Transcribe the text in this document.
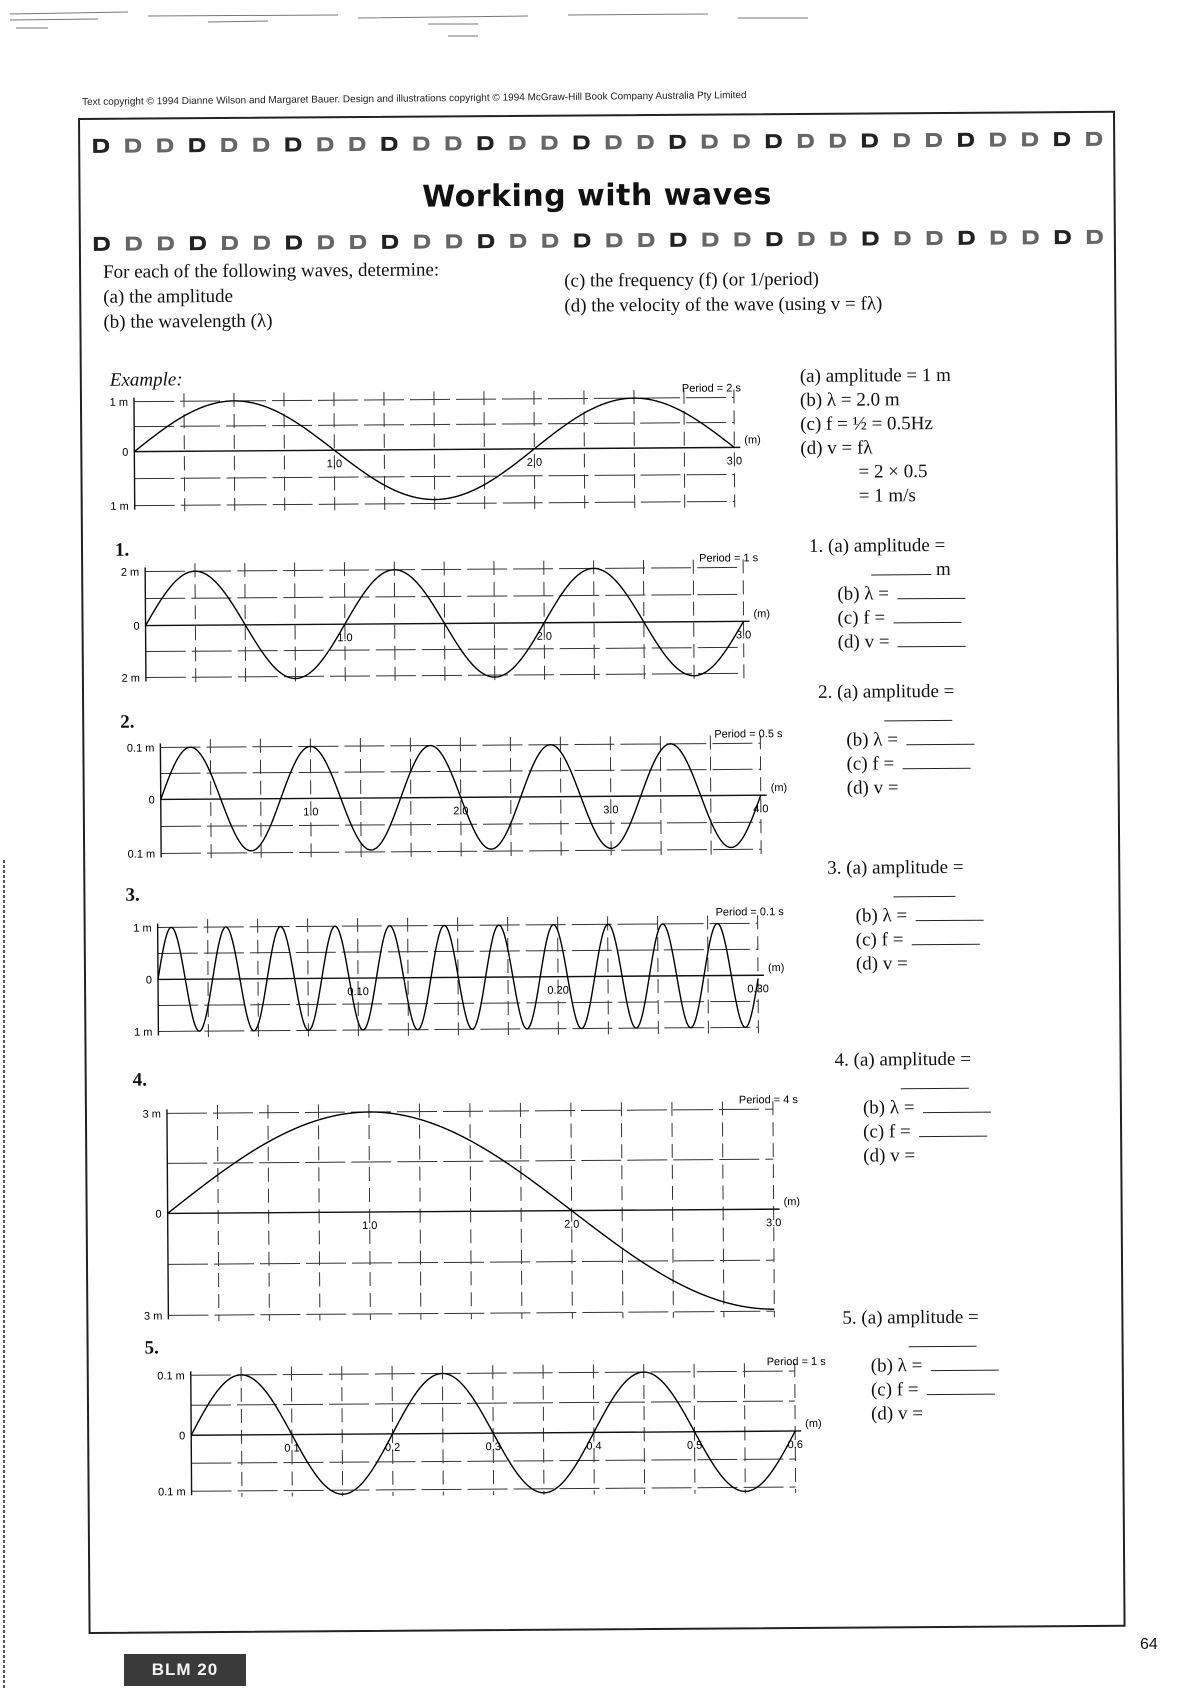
Text copyright © 1994 Dianne Wilson and Margaret Bauer. Design and illustrations copyright © 1994 McGraw-Hill Book Company Australia Pty Limited
Working with waves
For each of the following waves, determine:
(a) the amplitude
(b) the wavelength (λ)
(c) the frequency (f) (or 1/period)
(d) the velocity of the wave (using v = fλ)
Example:
1.
2.
3.
4.
5.
1 m
0
1 m
1.0	2.0	3.0
(m)
Period = 2 s
2 m
0
2 m
1.0	2.0	3.0
(m)
Period = 1 s
0.1 m
0
0.1 m
1.0	2.0	3.0	4.0
(m)
Period = 0.5 s
1 m
0
1 m
0.10	0.20	0.30
(m)
Period = 0.1 s
3 m
0
3 m
1.0	2.0	3.0
(m)
Period = 4 s
0.1 m
0
0.1 m
0.1	0.2	0.3	0.4	0.5	0.6
(m)
Period = 1 s
(a) amplitude = 1 m
(b) λ = 2.0 m
(c) f = ½ = 0.5Hz
(d) v = fλ
= 2 × 0.5
= 1 m/s
1. (a) amplitude =
m
(b) λ =
(c) f =
(d) v =
2. (a) amplitude =
(b) λ =
(c) f =
(d) v =
3. (a) amplitude =
(b) λ =
(c) f =
(d) v =
4. (a) amplitude =
(b) λ =
(c) f =
(d) v =
5. (a) amplitude =
(b) λ =
(c) f =
(d) v =
64
BLM 20
